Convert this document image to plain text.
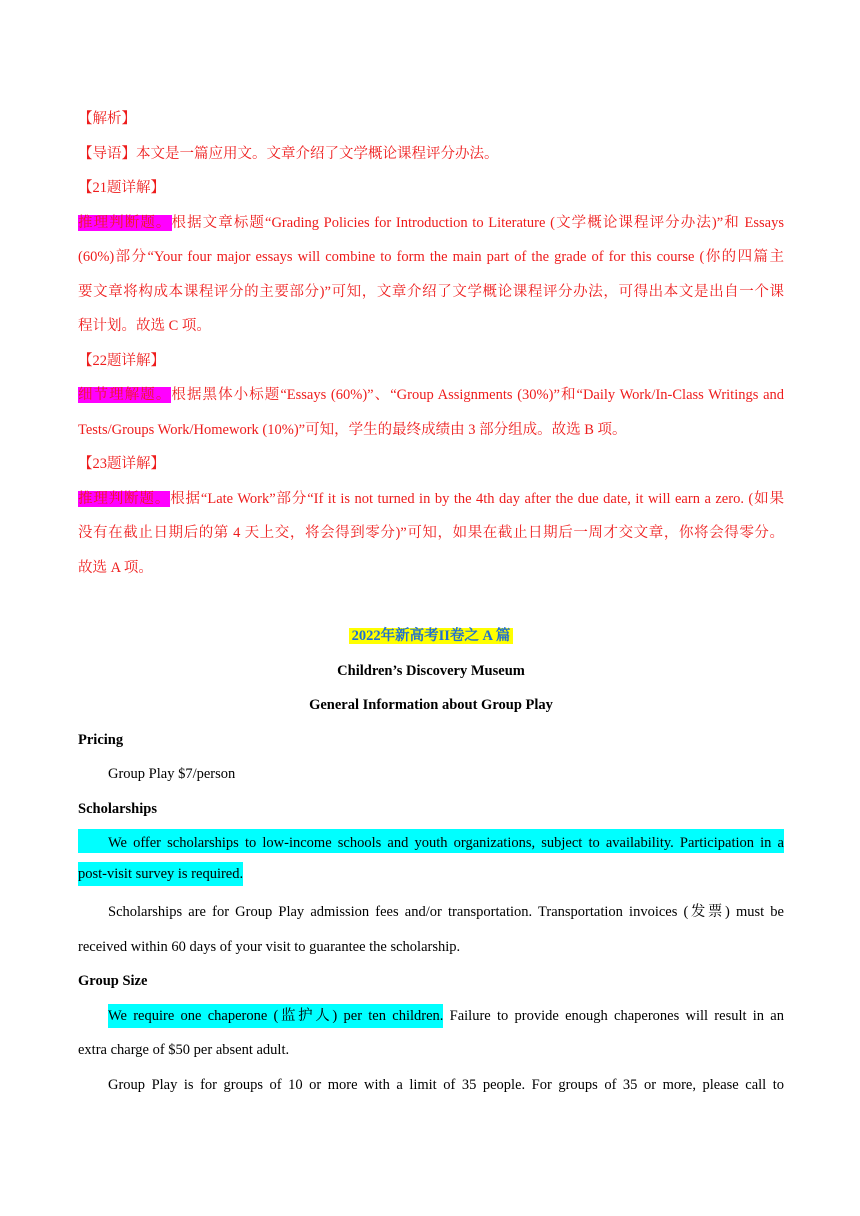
【解析】
【导语】本文是一篇应用文。文章介绍了文学概论课程评分办法。
【21题详解】
推理判断题。根据文章标题“Grading Policies for Introduction to Literature (文学概论课程评分办法)”和 Essays
(60%)部分“Your four major essays will combine to form the main part of the grade of for this course (你的四篇主
要文章将构成本课程评分的主要部分)”可知，文章介绍了文学概论课程评分办法，可得出本文是出自一个课
程计划。故选 C 项。
【22题详解】
细节理解题。根据黑体小标题“Essays (60%)”、“Group Assignments (30%)”和“Daily Work/In-Class Writings and
Tests/Groups Work/Homework (10%)”可知，学生的最终成绩由 3 部分组成。故选 B 项。
【23题详解】
推理判断题。根据“Late Work”部分“If it is not turned in by the 4th day after the due date, it will earn a zero. (如果
没有在截止日期后的第 4 天上交，将会得到零分)”可知，如果在截止日期后一周才交文章，你将会得零分。
故选 A 项。
2022年新高考II卷之 A 篇
Children’s Discovery Museum
General Information about Group Play
Pricing
Group Play $7/person
Scholarships
We offer scholarships to low-income schools and youth organizations, subject to availability. Participation in a
post-visit survey is required.
Scholarships are for Group Play admission fees and/or transportation. Transportation invoices (发票) must be
received within 60 days of your visit to guarantee the scholarship.
Group Size
We require one chaperone (监护人) per ten children. Failure to provide enough chaperones will result in an
extra charge of $50 per absent adult.
Group Play is for groups of 10 or more with a limit of 35 people. For groups of 35 or more, please call to
